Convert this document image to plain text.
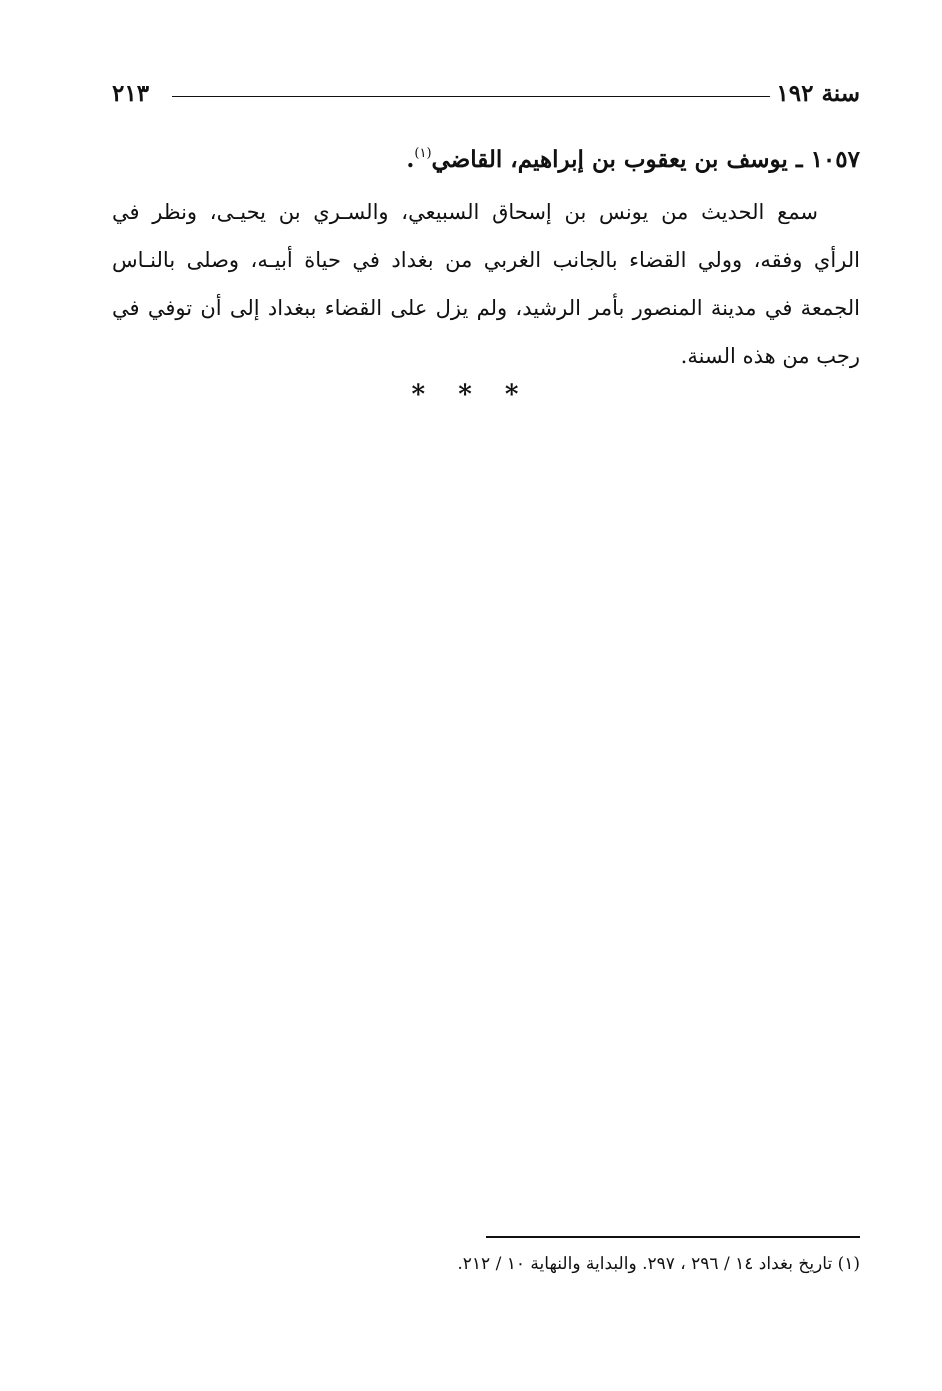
سنة ١٩٢
٢١٣
١٠٥٧ـ يوسف بن يعقوب بن إبراهيم، القاضي$^{(١)}$.
سمع الحديث من يونس بن إسحاق السبيعي، والسـري بن يحيـى، ونظر في
الرأي وفقه، وولي القضاء بالجانب الغربي من بغداد في حياة أبيـه، وصلى بالنـاس
الجمعة في مدينة المنصور بأمر الرشيد، ولم يزل على القضاء ببغداد إلى أن توفي في
رجب من هذه السنة.
* * *
(١) تاريخ بغداد ١٤ / ٢٩٦ ، ٢٩٧. والبداية والنهاية ١٠ / ٢١٢.
